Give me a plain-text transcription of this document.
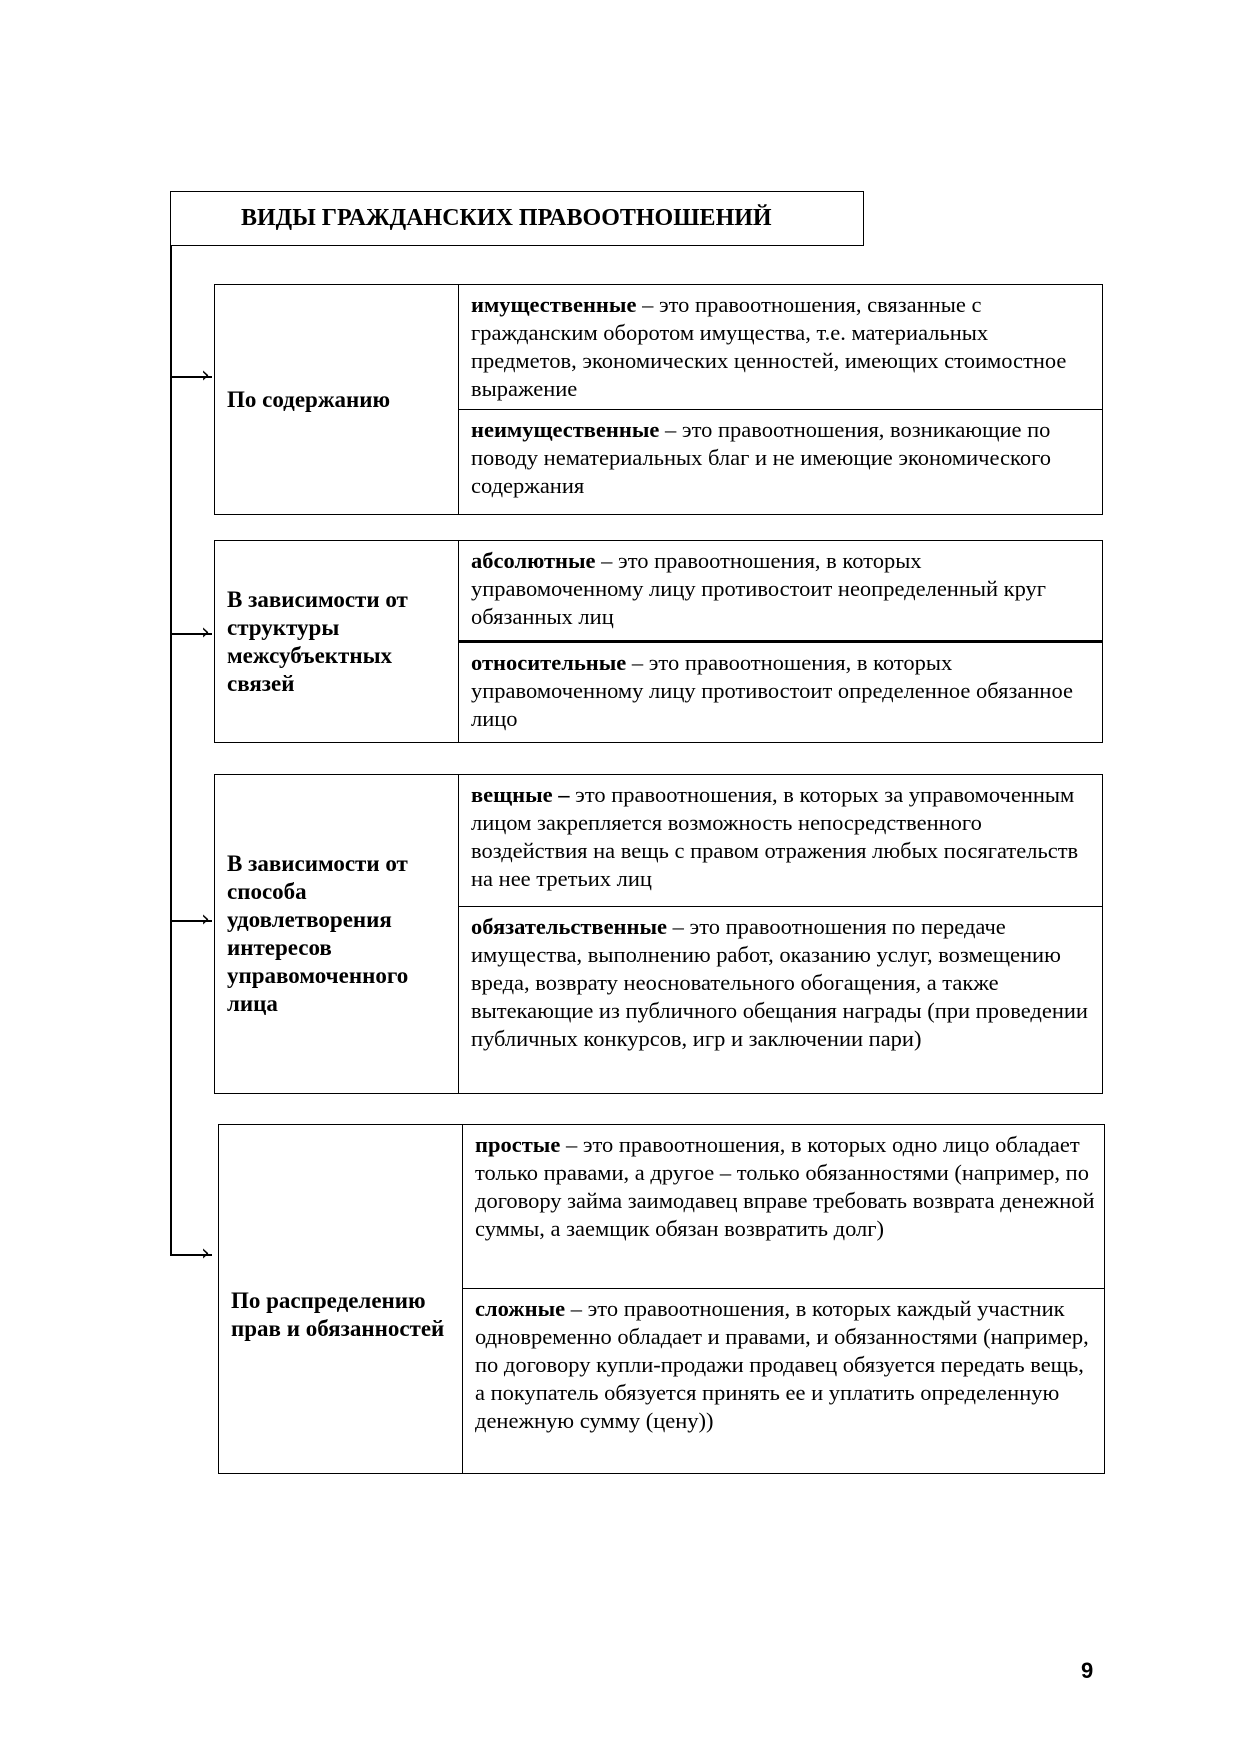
ВИДЫ ГРАЖДАНСКИХ ПРАВООТНОШЕНИЙ
›
По содержанию
имущественные – это правоотношения, связанные с гражданским оборотом имущества, т.е. материальных предметов, экономических ценностей, имеющих стоимостное выражение
неимущественные – это правоотношения, возникающие по поводу нематериальных благ и не имеющие экономического содержания
›
В зависимости от структуры межсубъектных связей
абсолютные – это правоотношения, в которых управомоченному лицу противостоит неопределенный круг обязанных лиц
относительные – это правоотношения, в которых управомоченному лицу противостоит определенное обязанное лицо
›
В зависимости от способа удовлетворения интересов управомоченного лица
вещные – это правоотношения, в которых за управомоченным лицом закрепляется возможность непосредственного воздействия на вещь с правом отражения любых посягательств на нее третьих лиц
обязательственные – это правоотношения по передаче имущества, выполнению работ, оказанию услуг, возмещению вреда, возврату неосновательного обогащения, а также вытекающие из публичного обещания награды (при проведении публичных конкурсов, игр и заключении пари)
›
По распределению прав и обязанностей
простые – это правоотношения, в которых одно лицо обладает только правами, а другое – только обязанностями (например, по договору займа заимодавец вправе требовать возврата денежной суммы, а заемщик обязан возвратить долг)
сложные – это правоотношения, в которых каждый участник одновременно обладает и правами, и обязанностями (например, по договору купли-продажи продавец обязуется передать вещь, а покупатель обязуется принять ее и уплатить определенную денежную сумму (цену))
9
